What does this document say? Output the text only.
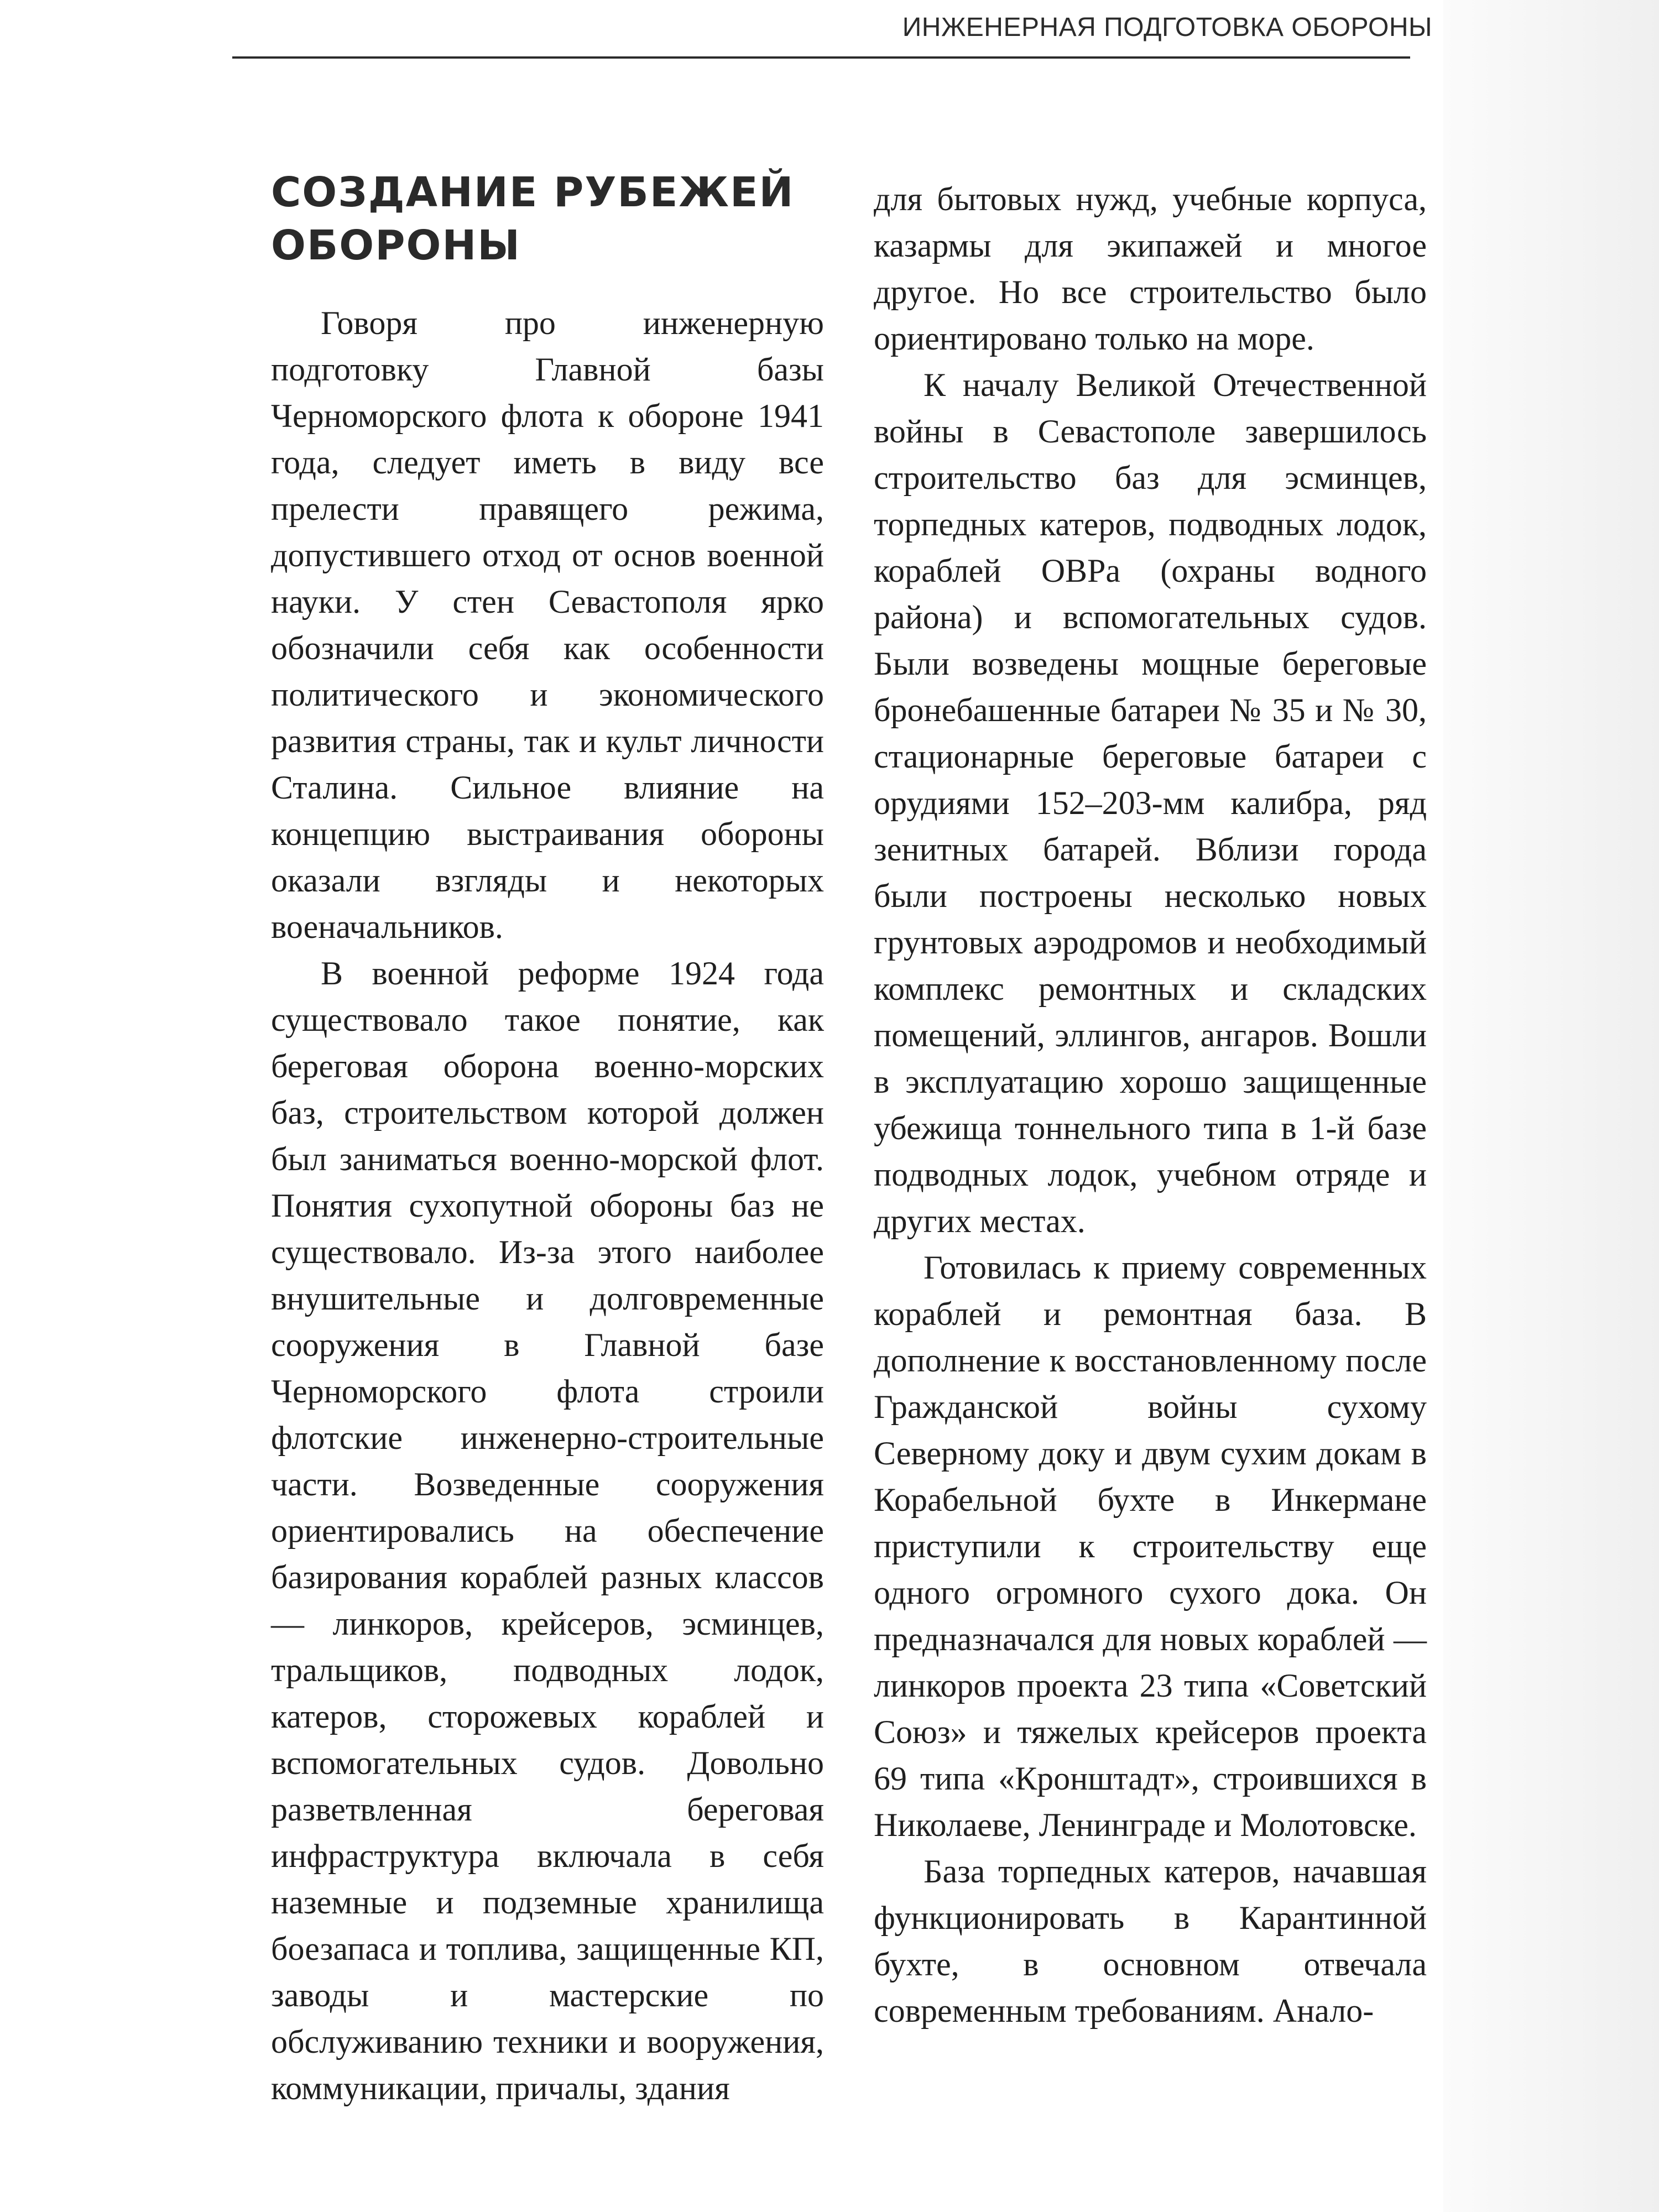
ИНЖЕНЕРНАЯ ПОДГОТОВКА ОБОРОНЫ
СОЗДАНИЕ РУБЕЖЕЙ ОБОРОНЫ

Говоря про инженерную подготовку Главной базы Черноморского флота к обороне 1941 года, следует иметь в виду все прелести правящего режима, допустившего отход от основ военной науки. У стен Севастополя ярко обозначили себя как особенности политического и экономического развития страны, так и культ личности Сталина. Сильное влияние на концепцию выстраивания обороны оказали взгляды и некоторых военачальников.

В военной реформе 1924 года существовало такое понятие, как береговая оборона военно-морских баз, строительством которой должен был заниматься военно-морской флот. Понятия сухопутной обороны баз не существовало. Из-за этого наиболее внушительные и долговременные сооружения в Главной базе Черноморского флота строили флотские инженерно-строительные части. Возведенные сооружения ориентировались на обеспечение базирования кораблей разных классов — линкоров, крейсеров, эсминцев, тральщиков, подводных лодок, катеров, сторожевых кораблей и вспомогательных судов. Довольно разветвленная береговая инфраструктура включала в себя наземные и подземные хранилища боезапаса и топлива, защищенные КП, заводы и мастерские по обслуживанию техники и вооружения, коммуникации, причалы, здания

для бытовых нужд, учебные корпуса, казармы для экипажей и многое другое. Но все строительство было ориентировано только на море.

К началу Великой Отечественной войны в Севастополе завершилось строительство баз для эсминцев, торпедных катеров, подводных лодок, кораблей ОВРа (охраны водного района) и вспомогательных судов. Были возведены мощные береговые бронебашенные батареи № 35 и № 30, стационарные береговые батареи с орудиями 152–203-мм калибра, ряд зенитных батарей. Вблизи города были построены несколько новых грунтовых аэродромов и необходимый комплекс ремонтных и складских помещений, эллингов, ангаров. Вошли в эксплуатацию хорошо защищенные убежища тоннельного типа в 1-й базе подводных лодок, учебном отряде и других местах.

Готовилась к приему современных кораблей и ремонтная база. В дополнение к восстановленному после Гражданской войны сухому Северному доку и двум сухим докам в Корабельной бухте в Инкермане приступили к строительству еще одного огромного сухого дока. Он предназначался для новых кораблей — линкоров проекта 23 типа «Советский Союз» и тяжелых крейсеров проекта 69 типа «Кронштадт», строившихся в Николаеве, Ленинграде и Молотовске.

База торпедных катеров, начавшая функционировать в Карантинной бухте, в основном отвечала современным требованиям. Анало-
